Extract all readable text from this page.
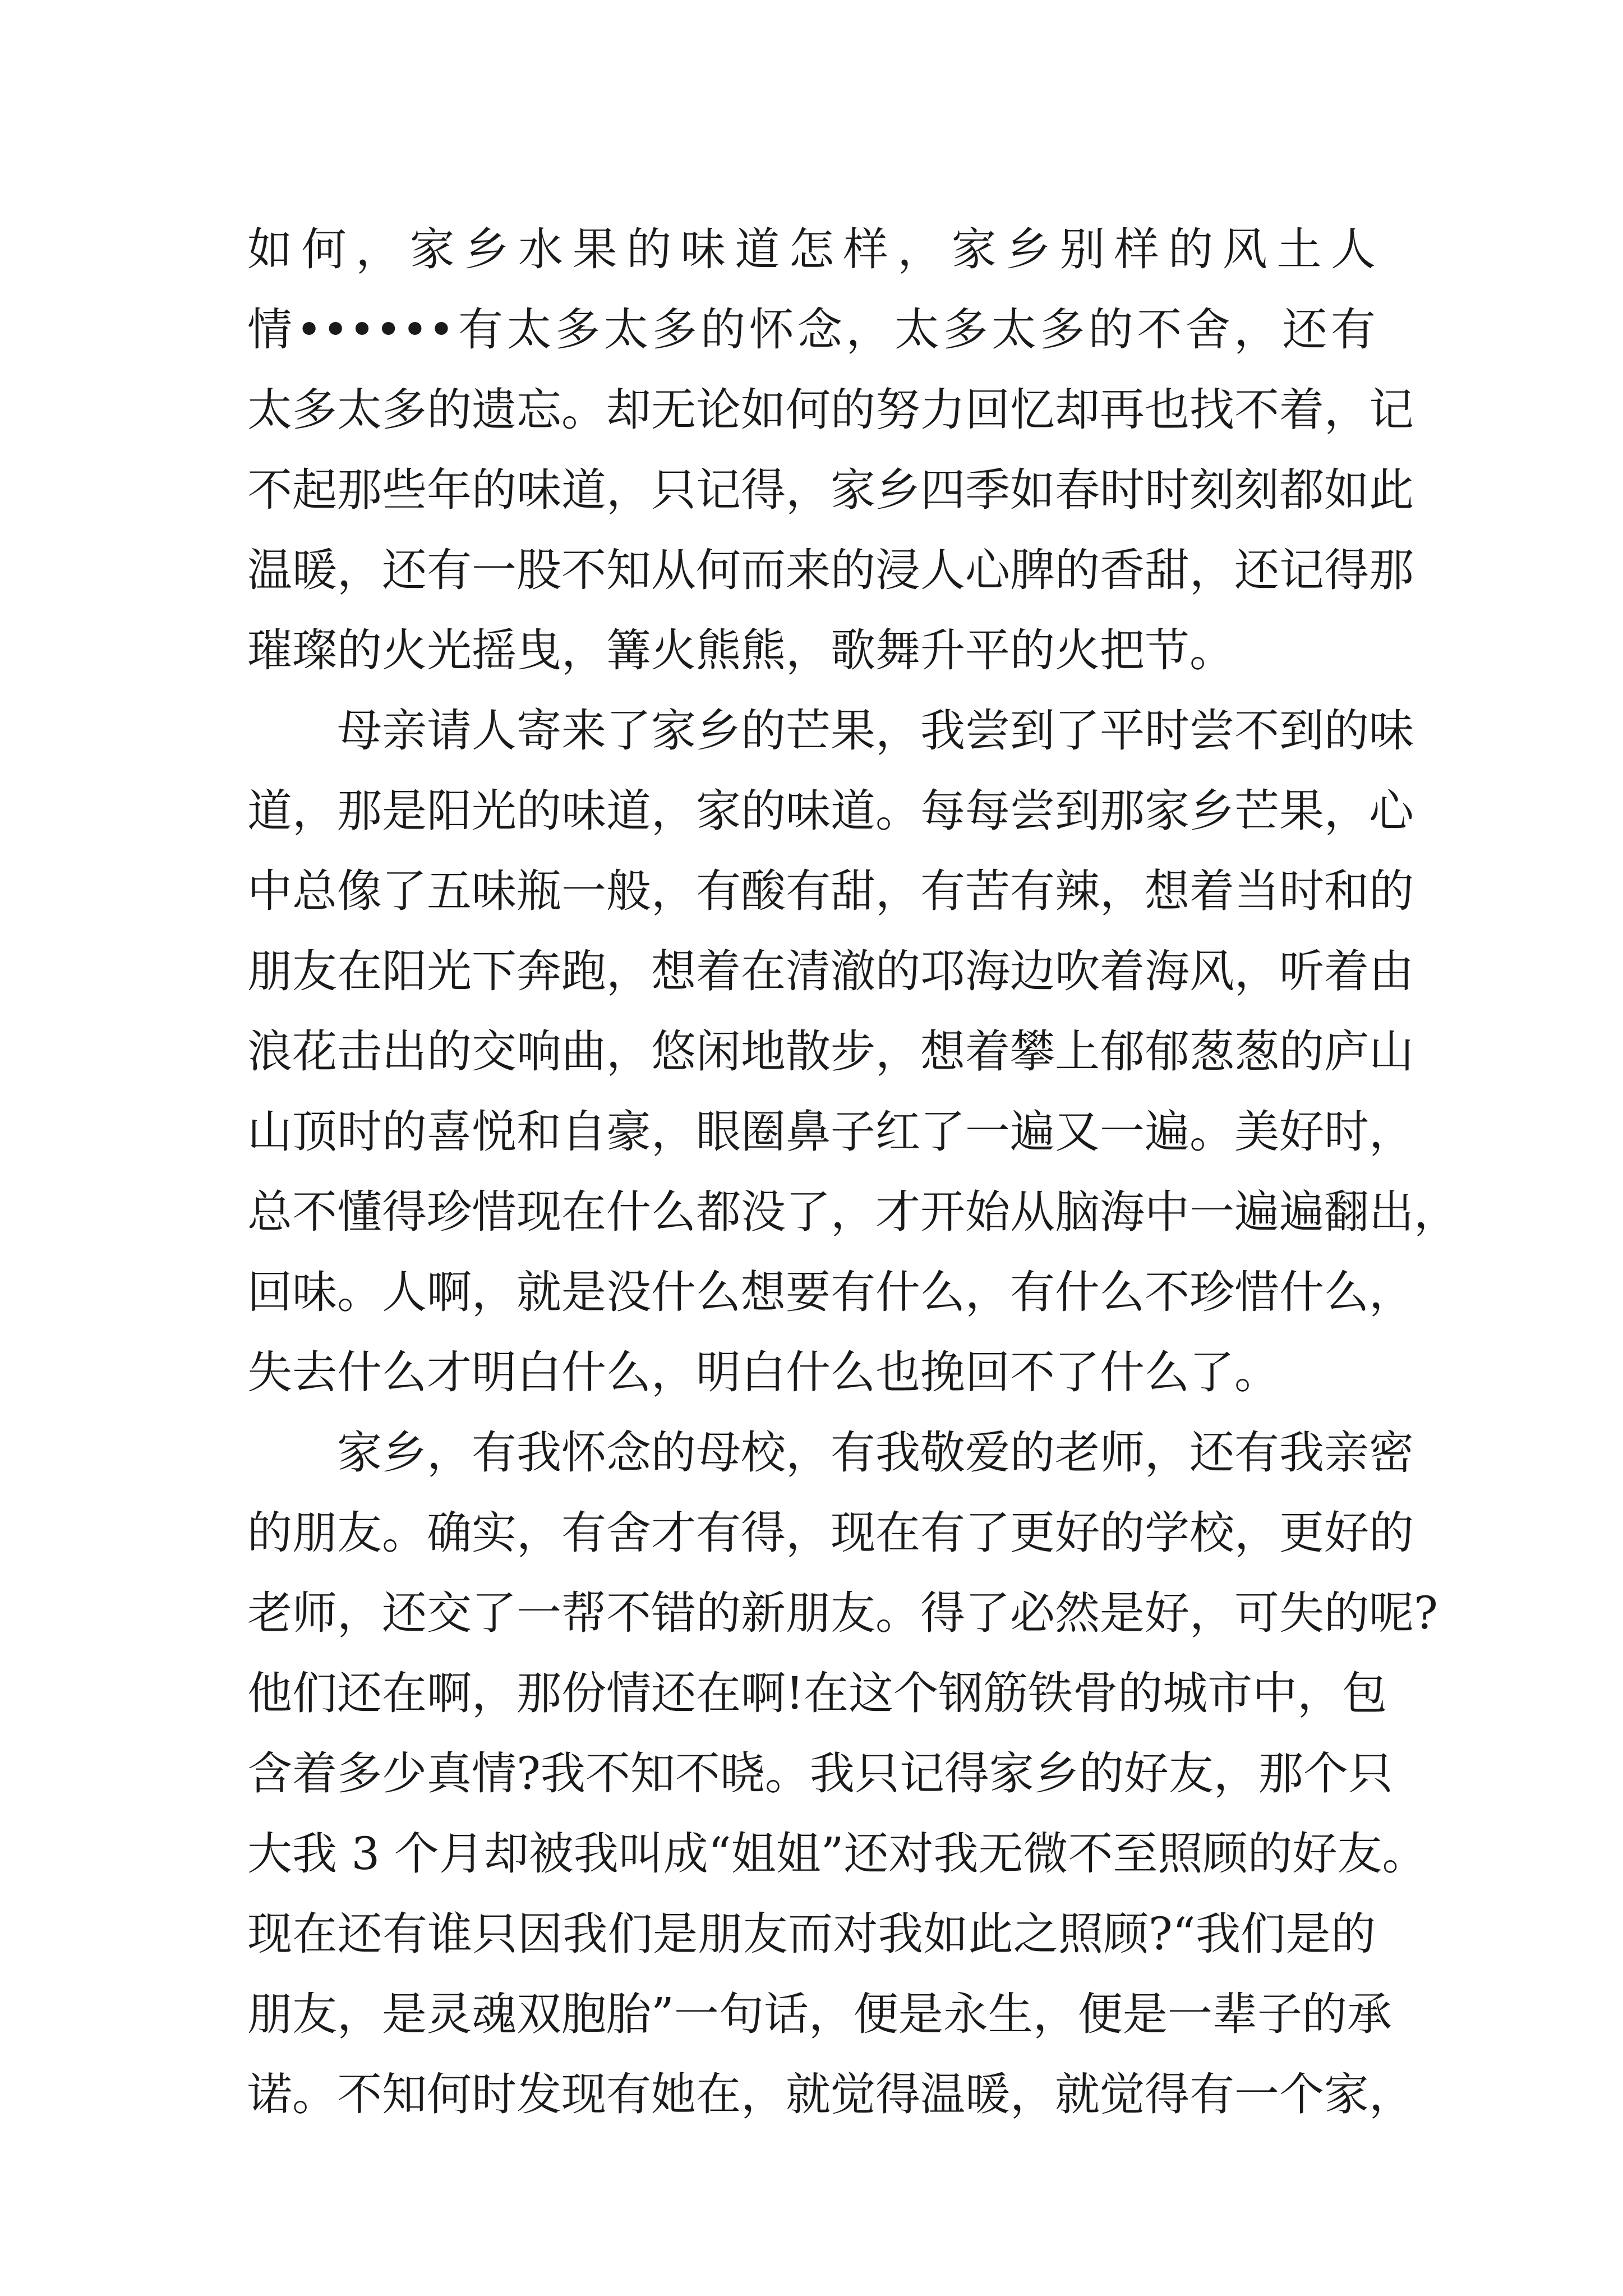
如何，家乡水果的味道怎样，家乡别样的风土人
情••••••有太多太多的怀念，太多太多的不舍，还有
太多太多的遗忘。却无论如何的努力回忆却再也找不着，记
不起那些年的味道，只记得，家乡四季如春时时刻刻都如此
温暖，还有一股不知从何而来的浸人心脾的香甜，还记得那
璀璨的火光摇曳，篝火熊熊，歌舞升平的火把节。
母亲请人寄来了家乡的芒果，我尝到了平时尝不到的味
道，那是阳光的味道，家的味道。每每尝到那家乡芒果，心
中总像了五味瓶一般，有酸有甜，有苦有辣，想着当时和的
朋友在阳光下奔跑，想着在清澈的邛海边吹着海风，听着由
浪花击出的交响曲，悠闲地散步，想着攀上郁郁葱葱的庐山
山顶时的喜悦和自豪，眼圈鼻子红了一遍又一遍。美好时，
总不懂得珍惜现在什么都没了，才开始从脑海中一遍遍翻出，
回味。人啊，就是没什么想要有什么，有什么不珍惜什么，
失去什么才明白什么，明白什么也挽回不了什么了。
家乡，有我怀念的母校，有我敬爱的老师，还有我亲密
的朋友。确实，有舍才有得，现在有了更好的学校，更好的
老师，还交了一帮不错的新朋友。得了必然是好，可失的呢?
他们还在啊，那份情还在啊!在这个钢筋铁骨的城市中，包
含着多少真情?我不知不晓。我只记得家乡的好友，那个只
大我 3 个月却被我叫成“姐姐”还对我无微不至照顾的好友。
现在还有谁只因我们是朋友而对我如此之照顾?“我们是的
朋友，是灵魂双胞胎”一句话，便是永生，便是一辈子的承
诺。不知何时发现有她在，就觉得温暖，就觉得有一个家，
